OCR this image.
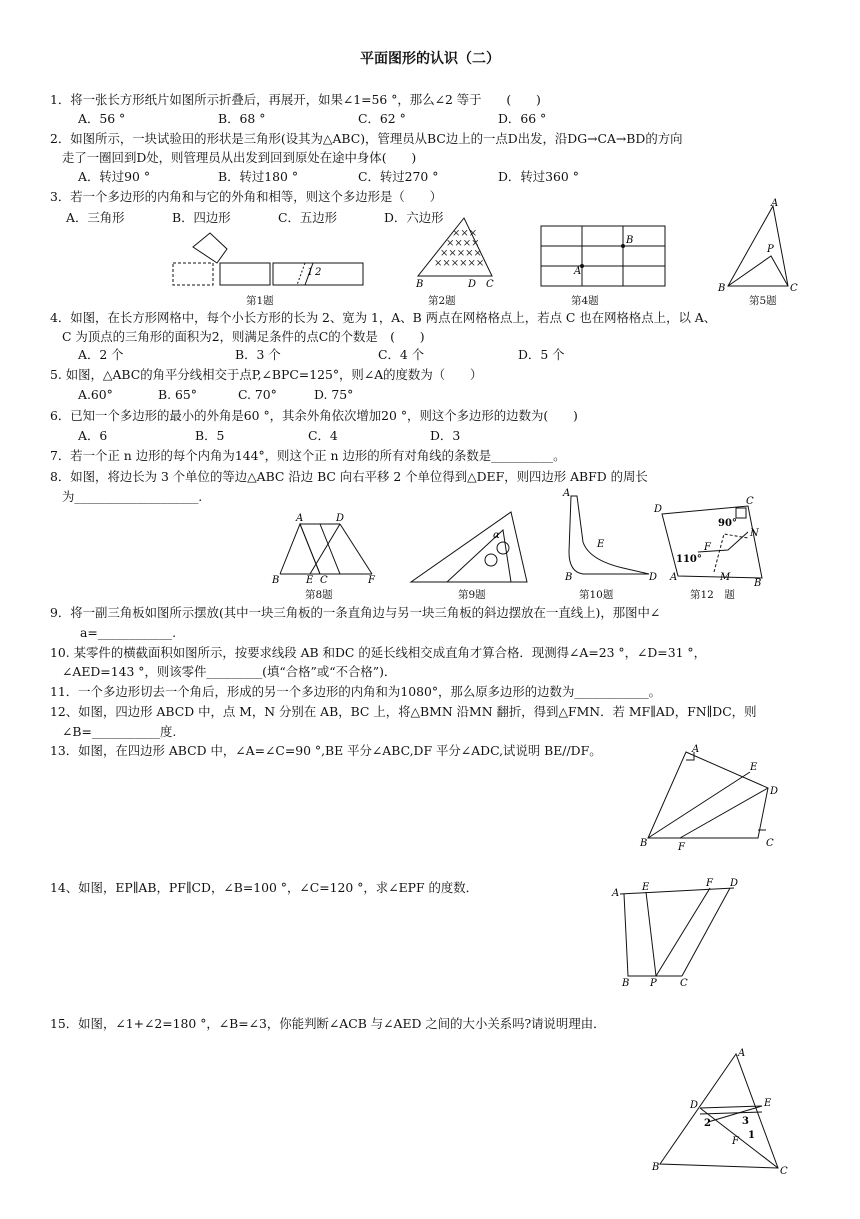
平面图形的认识（二）
1．将一张长方形纸片如图所示折叠后，再展开，如果∠1=56 °，那么∠2 等于　　(　　)
A．56 °	B．68 °	C．62 °	D．66 °
2．如图所示，一块试验田的形状是三角形(设其为△ABC)，管理员从BC边上的一点D出发，沿DG→CA→BD的方向
走了一圈回到D处，则管理员从出发到回到原处在途中身体(　　)
A．转过90 °	B．转过180 °	C．转过270 °	D．转过360 °
3．若一个多边形的内角和与它的外角和相等，则这个多边形是（　　）
A．三角形	B．四边形	C．五边形	D．六边形
1 2
×××
××××
×××××
××××××
B	D C
B
A
A
B	C
P
第1题	第2题	第4题	第5题
4．如图，在长方形网格中，每个小长方形的长为 2、宽为 1，A、B 两点在网格格点上，若点 C 也在网格格点上，以 A、
C 为顶点的三角形的面积为2，则满足条件的点C的个数是　(　　)
A．2 个	B．3 个	C．4 个	D．5 个
5. 如图，△ABC的角平分线相交于点P,∠BPC=125°，则∠A的度数为（　　）
A.60°	B. 65°	C. 70°	D. 75°
6．已知一个多边形的最小的外角是60 °，其余外角依次增加20 °，则这个多边形的边数为(　　)
A．6	B．5	C．4	D．3
7．若一个正 n 边形的每个内角为144°，则这个正 n 边形的所有对角线的条数是__________。
8．如图，将边长为 3 个单位的等边△ABC 沿边 BC 向右平移 2 个单位得到△DEF，则四边形 ABFD 的周长
为____________________.
A	D
B	E C	F
α
A
E
B	D
90°
110°
D
C
F
N
A	M
B
第8题	第9题	第10题	第12　题
9．将一副三角板如图所示摆放(其中一块三角板的一条直角边与另一块三角板的斜边摆放在一直线上)，那图中∠
a=____________.
10. 某零件的横截面积如图所示，按要求线段 AB 和DC 的延长线相交成直角才算合格．现测得∠A=23 °，∠D=31 °，
∠AED=143 °，则该零件_________(填“合格”或“不合格”)．
11．一个多边形切去一个角后，形成的另一个多边形的内角和为1080°，那么原多边形的边数为____________。
12、如图，四边形 ABCD 中，点 M，N 分别在 AB，BC 上，将△BMN 沿MN 翻折，得到△FMN．若 MF∥AD，FN∥DC，则
∠B=___________度.
13．如图，在四边形 ABCD 中，∠A=∠C=90 °,BE 平分∠ABC,DF 平分∠ADC,试说明 BE//DF。	A
E
D
B	F	C
14、如图，EP∥AB，PF∥CD，∠B=100 °，∠C=120 °，求∠EPF 的度数．	A
E	F D
B P C
15．如图，∠1+∠2=180 °，∠B=∠3，你能判断∠ACB 与∠AED 之间的大小关系吗?请说明理由．
A
D	E
2	3
1
F
B	C
